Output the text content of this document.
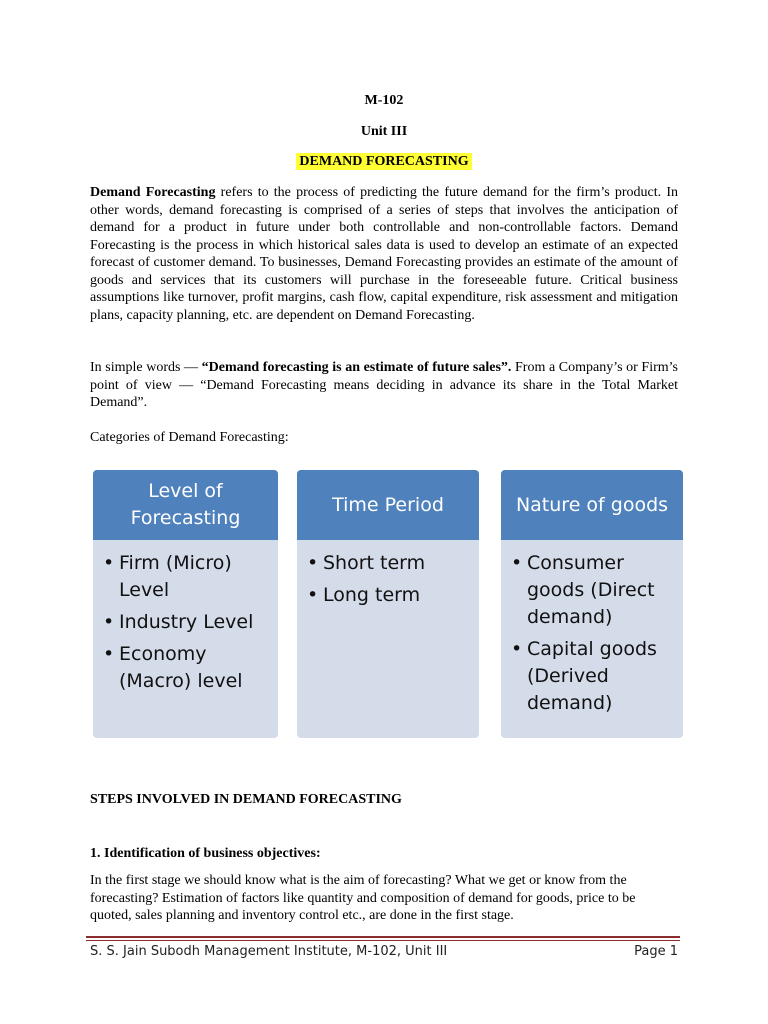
M-102
Unit III
DEMAND FORECASTING

Demand Forecasting refers to the process of predicting the future demand for the firm’s product. In other words, demand forecasting is comprised of a series of steps that involves the anticipation of demand for a product in future under both controllable and non-controllable factors. Demand Forecasting is the process in which historical sales data is used to develop an estimate of an expected forecast of customer demand. To businesses, Demand Forecasting provides an estimate of the amount of goods and services that its customers will purchase in the foreseeable future. Critical business assumptions like turnover, profit margins, cash flow, capital expenditure, risk assessment and mitigation plans, capacity planning, etc. are dependent on Demand Forecasting.

In simple words — “Demand forecasting is an estimate of future sales”. From a Company’s or Firm’s point of view — “Demand Forecasting means deciding in advance its share in the Total Market Demand”.

Categories of Demand Forecasting:

Level of Forecasting
• Firm (Micro) Level
• Industry Level
• Economy (Macro) level
Time Period
• Short term
• Long term
Nature of goods
• Consumer goods (Direct demand)
• Capital goods (Derived demand)
STEPS INVOLVED IN DEMAND FORECASTING
1. Identification of business objectives:

In the first stage we should know what is the aim of forecasting? What we get or know from the forecasting? Estimation of factors like quantity and composition of demand for goods, price to be quoted, sales planning and inventory control etc., are done in the first stage.

S. S. Jain Subodh Management Institute, M-102, Unit III	Page 1
